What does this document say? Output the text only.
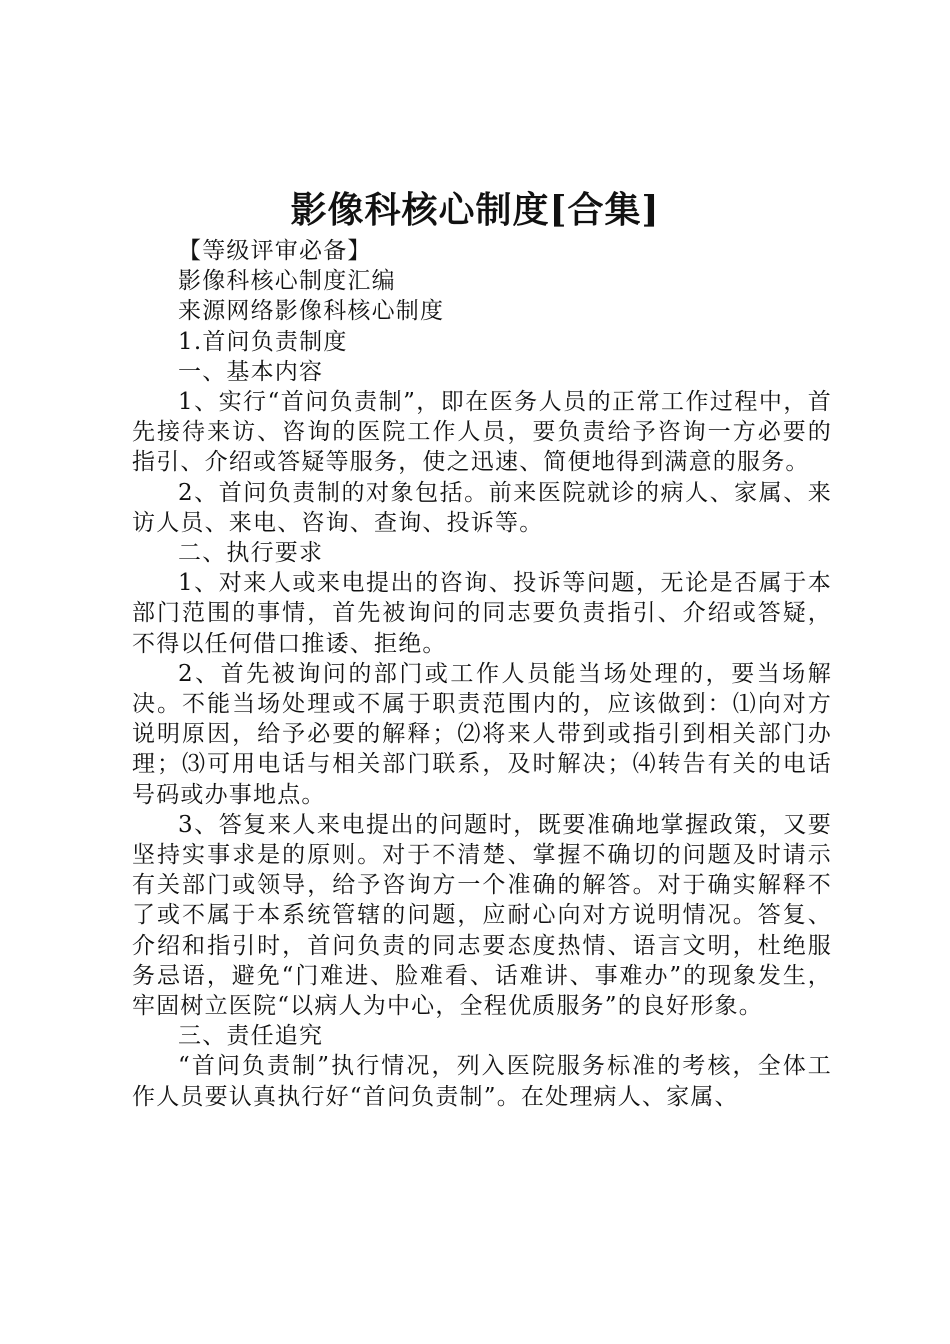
影像科核心制度[合集]

【等级评审必备】

影像科核心制度汇编

来源网络影像科核心制度

1.首问负责制度

一、基本内容

1、实行“首问负责制”，即在医务人员的正常工作过程中，首先接待来访、咨询的医院工作人员，要负责给予咨询一方必要的指引、介绍或答疑等服务，使之迅速、简便地得到满意的服务。

2、首问负责制的对象包括。前来医院就诊的病人、家属、来访人员、来电、咨询、查询、投诉等。

二、执行要求

1、对来人或来电提出的咨询、投诉等问题，无论是否属于本部门范围的事情，首先被询问的同志要负责指引、介绍或答疑，不得以任何借口推诿、拒绝。

2、首先被询问的部门或工作人员能当场处理的，要当场解决。不能当场处理或不属于职责范围内的，应该做到：⑴向对方说明原因，给予必要的解释；⑵将来人带到或指引到相关部门办理；⑶可用电话与相关部门联系，及时解决；⑷转告有关的电话号码或办事地点。

3、答复来人来电提出的问题时，既要准确地掌握政策，又要坚持实事求是的原则。对于不清楚、掌握不确切的问题及时请示有关部门或领导，给予咨询方一个准确的解答。对于确实解释不了或不属于本系统管辖的问题，应耐心向对方说明情况。答复、介绍和指引时，首问负责的同志要态度热情、语言文明，杜绝服务忌语，避免“门难进、脸难看、话难讲、事难办”的现象发生，牢固树立医院“以病人为中心，全程优质服务”的良好形象。

三、责任追究

“首问负责制”执行情况，列入医院服务标准的考核，全体工作人员要认真执行好“首问负责制”。在处理病人、家属、
